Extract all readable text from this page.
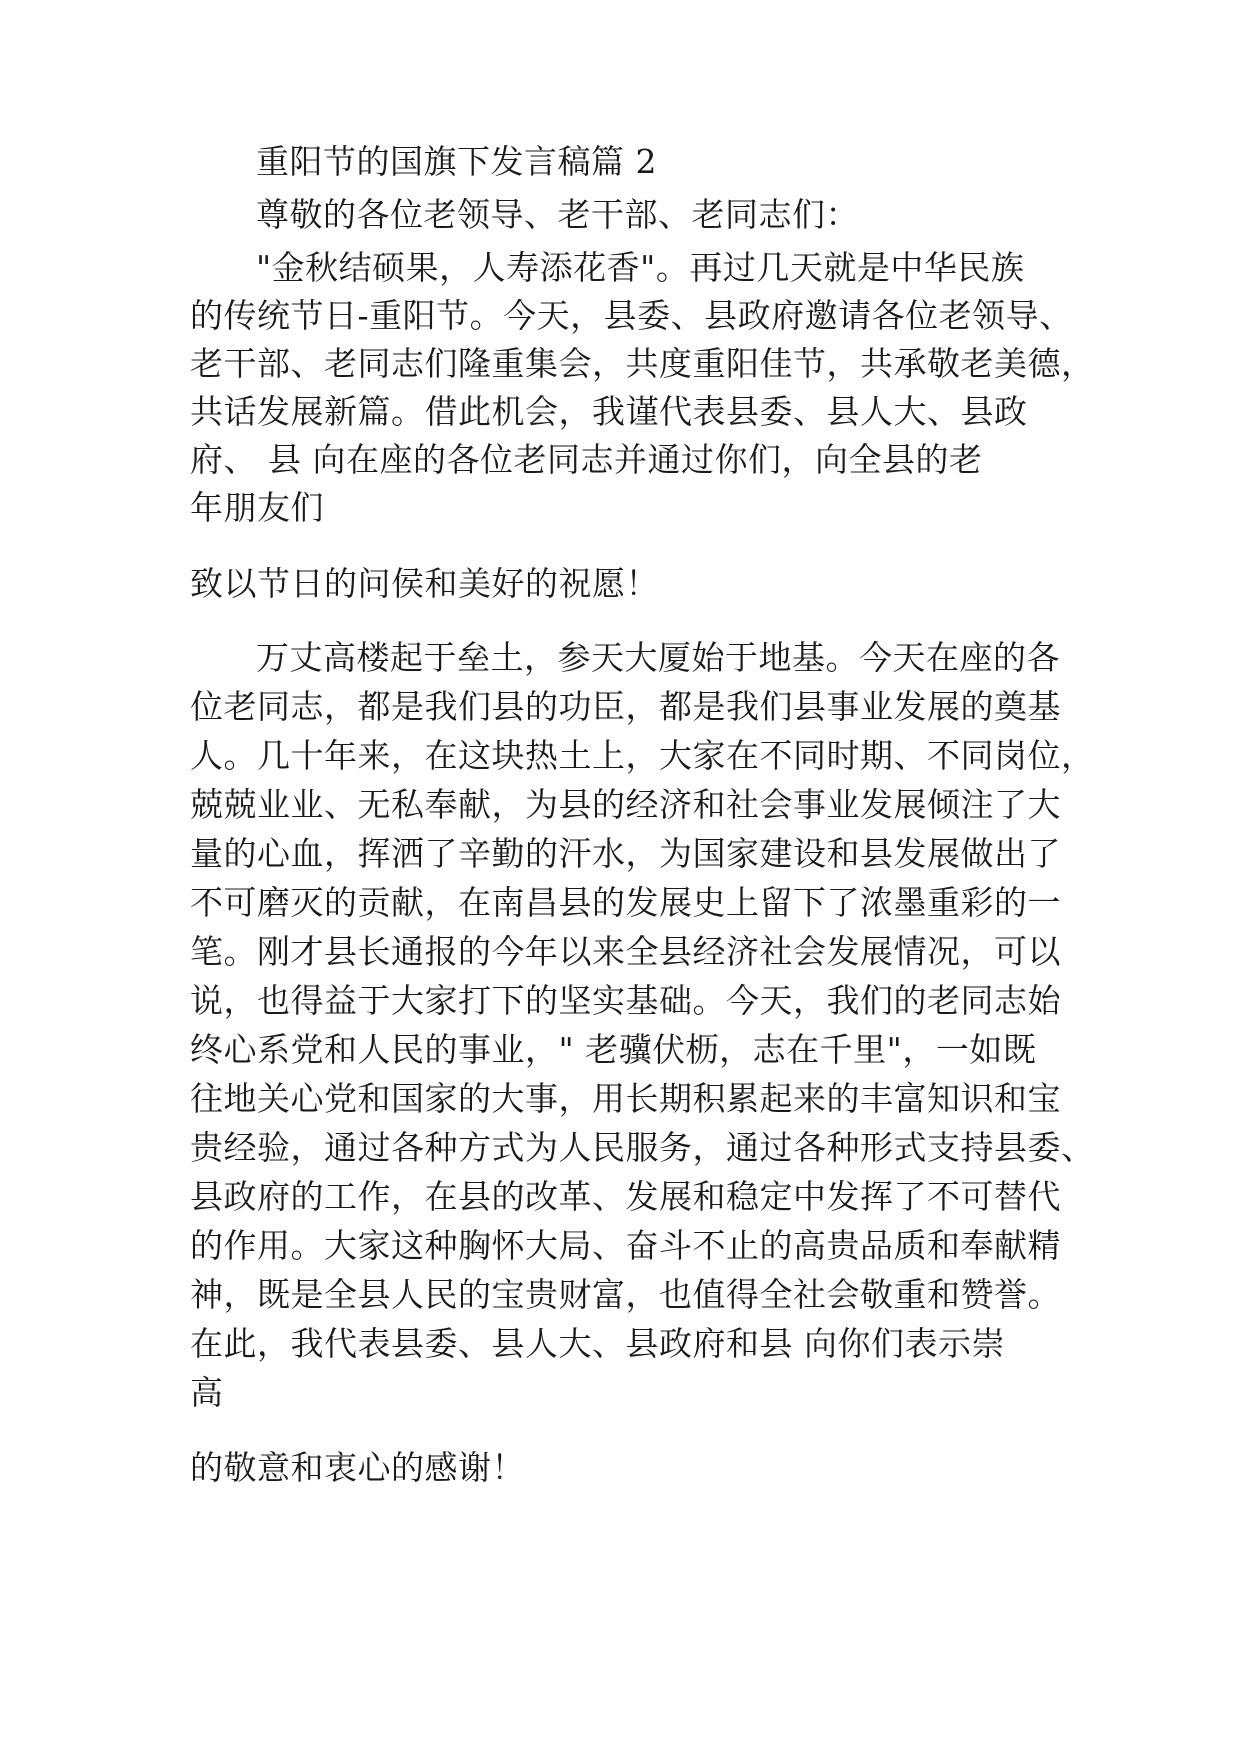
重阳节的国旗下发言稿篇 2
尊敬的各位老领导、老干部、老同志们：
"金秋结硕果，人寿添花香"。再过几天就是中华民族
的传统节日-重阳节。今天，县委、县政府邀请各位老领导、
老干部、老同志们隆重集会，共度重阳佳节，共承敬老美德，
共话发展新篇。借此机会，我谨代表县委、县人大、县政
府、 县 向在座的各位老同志并通过你们，向全县的老
年朋友们
致以节日的问侯和美好的祝愿！
万丈高楼起于垒土，参天大厦始于地基。今天在座的各
位老同志，都是我们县的功臣，都是我们县事业发展的奠基
人。几十年来，在这块热土上，大家在不同时期、不同岗位，
兢兢业业、无私奉献，为县的经济和社会事业发展倾注了大
量的心血，挥洒了辛勤的汗水，为国家建设和县发展做出了
不可磨灭的贡献，在南昌县的发展史上留下了浓墨重彩的一
笔。刚才县长通报的今年以来全县经济社会发展情况，可以
说，也得益于大家打下的坚实基础。今天，我们的老同志始
终心系党和人民的事业，" 老骥伏枥，志在千里"，一如既
往地关心党和国家的大事，用长期积累起来的丰富知识和宝
贵经验，通过各种方式为人民服务，通过各种形式支持县委、
县政府的工作，在县的改革、发展和稳定中发挥了不可替代
的作用。大家这种胸怀大局、奋斗不止的高贵品质和奉献精
神，既是全县人民的宝贵财富，也值得全社会敬重和赞誉。
在此，我代表县委、县人大、县政府和县 向你们表示崇
高
的敬意和衷心的感谢！
